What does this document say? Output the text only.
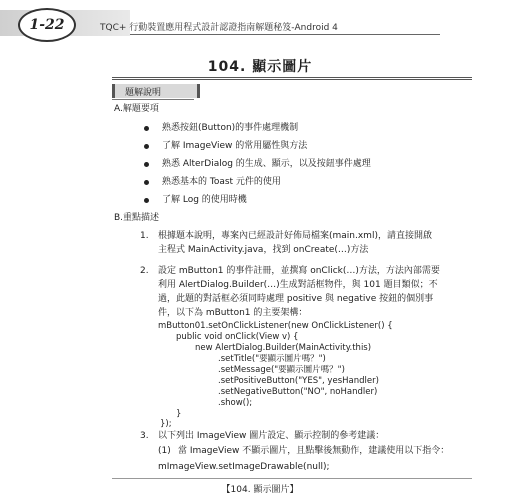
1-22	TQC+ 行動裝置應用程式設計認證指南解題秘笈-Android 4
104. 顯示圖片
題解說明
A.解題要項
熟悉按鈕(Button)的事件處理機制
了解 ImageView 的常用屬性與方法
熟悉 AlterDialog 的生成、顯示，以及按鈕事件處理
熟悉基本的 Toast 元件的使用
了解 Log 的使用時機
B.重點描述
1. 根據題本說明，專案內已經設計好佈局檔案(main.xml)，請直接開啟
主程式 MainActivity.java，找到 onCreate(…)方法
2. 設定 mButton1 的事件註冊，並撰寫 onClick(…)方法，方法內部需要
利用 AlertDialog.Builder(…)生成對話框物件，與 101 題目類似；不
過，此題的對話框必須同時處理 positive 與 negative 按鈕的個別事
件，以下為 mButton1 的主要架構：
mButton01.setOnClickListener(new OnClickListener() {
public void onClick(View v) {
new AlertDialog.Builder(MainActivity.this)
.setTitle("要顯示圖片嗎？")
.setMessage("要顯示圖片嗎？")
.setPositiveButton("YES", yesHandler)
.setNegativeButton("NO", noHandler)
.show();
}
});
【104. 顯示圖片】
3. 以下列出 ImageView 圖片設定、顯示控制的參考建議：
(1) 當 ImageView 不顯示圖片，且點擊後無動作，建議使用以下指令：
mImageView.setImageDrawable(null);
